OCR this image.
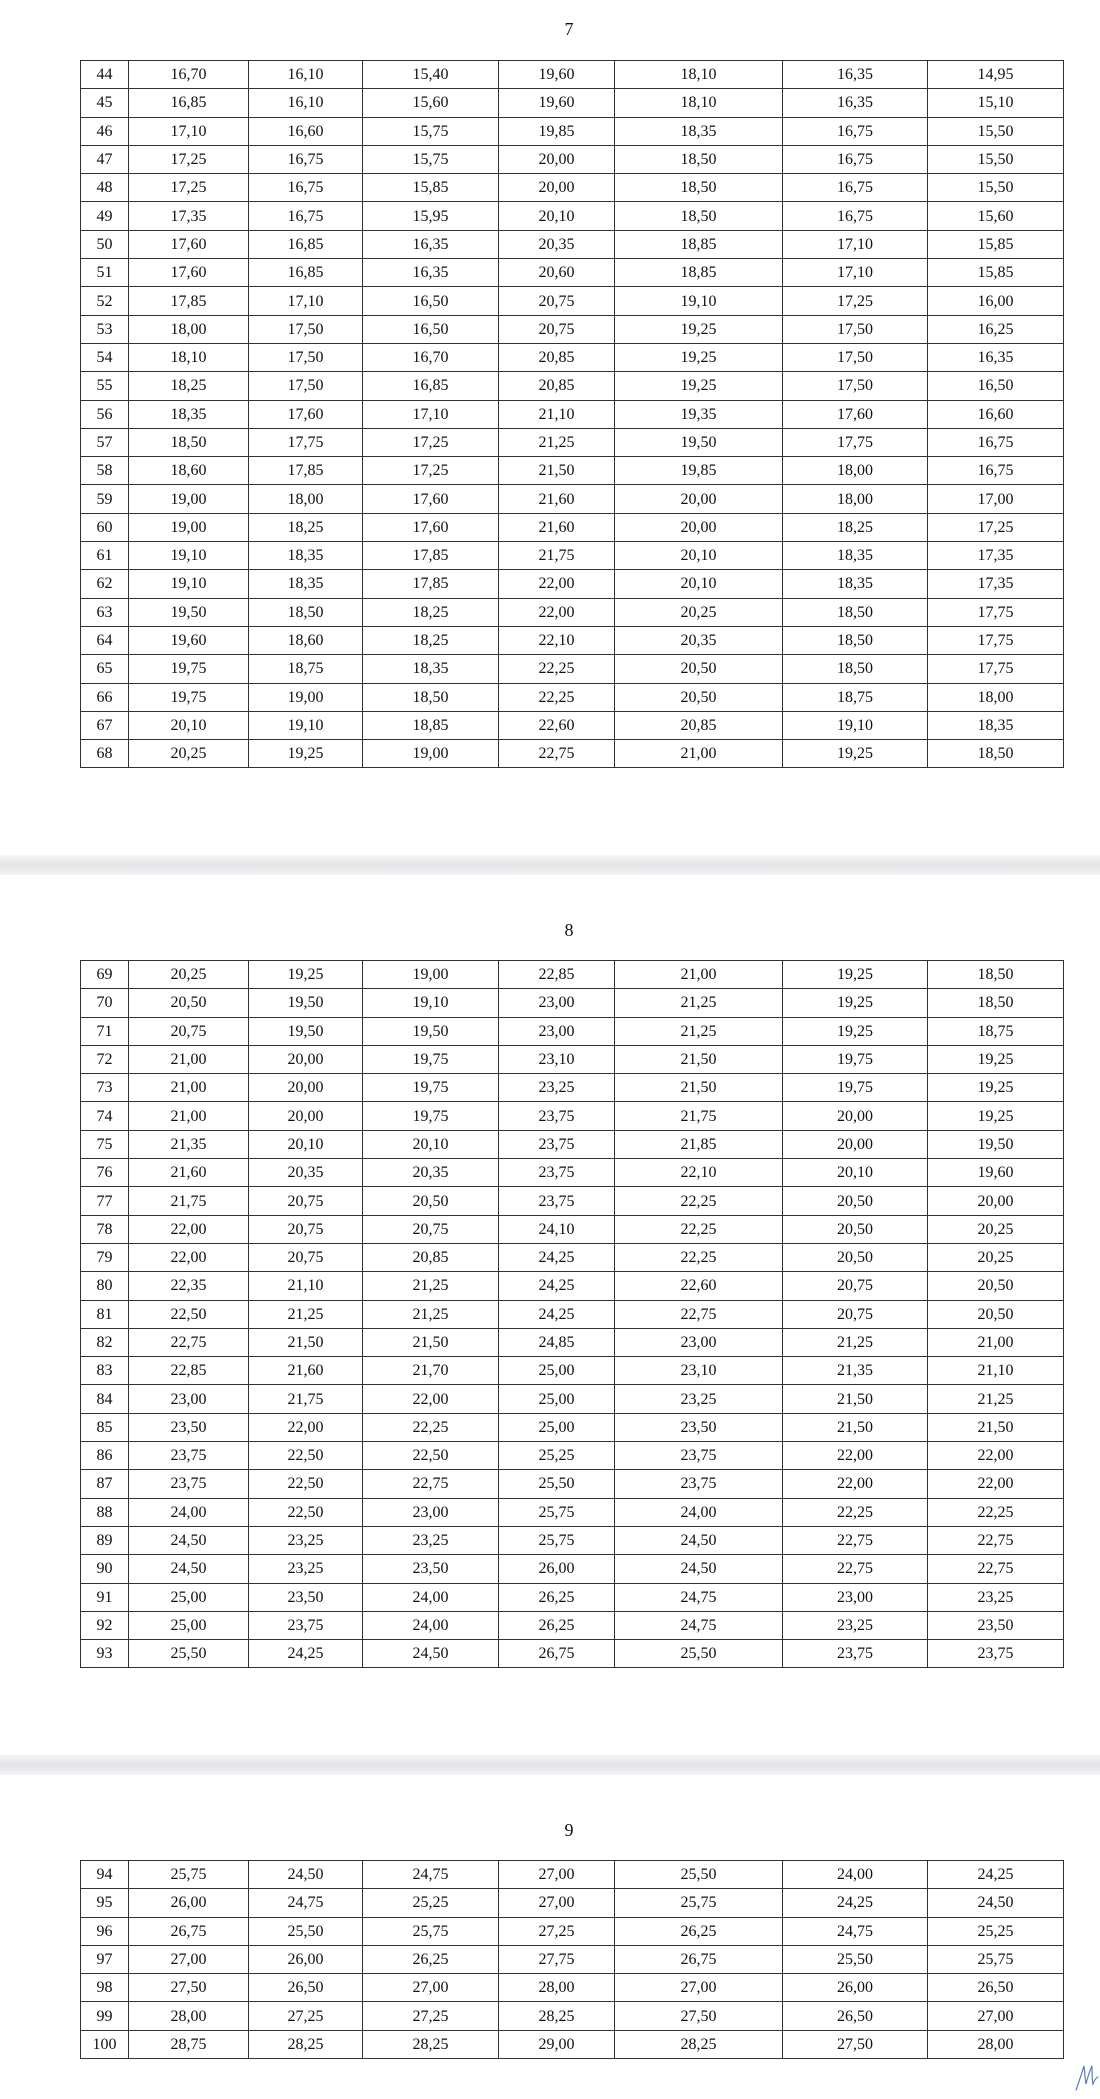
7
44	16,70	16,10	15,40	19,60	18,10	16,35	14,95
45	16,85	16,10	15,60	19,60	18,10	16,35	15,10
46	17,10	16,60	15,75	19,85	18,35	16,75	15,50
47	17,25	16,75	15,75	20,00	18,50	16,75	15,50
48	17,25	16,75	15,85	20,00	18,50	16,75	15,50
49	17,35	16,75	15,95	20,10	18,50	16,75	15,60
50	17,60	16,85	16,35	20,35	18,85	17,10	15,85
51	17,60	16,85	16,35	20,60	18,85	17,10	15,85
52	17,85	17,10	16,50	20,75	19,10	17,25	16,00
53	18,00	17,50	16,50	20,75	19,25	17,50	16,25
54	18,10	17,50	16,70	20,85	19,25	17,50	16,35
55	18,25	17,50	16,85	20,85	19,25	17,50	16,50
56	18,35	17,60	17,10	21,10	19,35	17,60	16,60
57	18,50	17,75	17,25	21,25	19,50	17,75	16,75
58	18,60	17,85	17,25	21,50	19,85	18,00	16,75
59	19,00	18,00	17,60	21,60	20,00	18,00	17,00
60	19,00	18,25	17,60	21,60	20,00	18,25	17,25
61	19,10	18,35	17,85	21,75	20,10	18,35	17,35
62	19,10	18,35	17,85	22,00	20,10	18,35	17,35
63	19,50	18,50	18,25	22,00	20,25	18,50	17,75
64	19,60	18,60	18,25	22,10	20,35	18,50	17,75
65	19,75	18,75	18,35	22,25	20,50	18,50	17,75
66	19,75	19,00	18,50	22,25	20,50	18,75	18,00
67	20,10	19,10	18,85	22,60	20,85	19,10	18,35
68	20,25	19,25	19,00	22,75	21,00	19,25	18,50
8
69	20,25	19,25	19,00	22,85	21,00	19,25	18,50
70	20,50	19,50	19,10	23,00	21,25	19,25	18,50
71	20,75	19,50	19,50	23,00	21,25	19,25	18,75
72	21,00	20,00	19,75	23,10	21,50	19,75	19,25
73	21,00	20,00	19,75	23,25	21,50	19,75	19,25
74	21,00	20,00	19,75	23,75	21,75	20,00	19,25
75	21,35	20,10	20,10	23,75	21,85	20,00	19,50
76	21,60	20,35	20,35	23,75	22,10	20,10	19,60
77	21,75	20,75	20,50	23,75	22,25	20,50	20,00
78	22,00	20,75	20,75	24,10	22,25	20,50	20,25
79	22,00	20,75	20,85	24,25	22,25	20,50	20,25
80	22,35	21,10	21,25	24,25	22,60	20,75	20,50
81	22,50	21,25	21,25	24,25	22,75	20,75	20,50
82	22,75	21,50	21,50	24,85	23,00	21,25	21,00
83	22,85	21,60	21,70	25,00	23,10	21,35	21,10
84	23,00	21,75	22,00	25,00	23,25	21,50	21,25
85	23,50	22,00	22,25	25,00	23,50	21,50	21,50
86	23,75	22,50	22,50	25,25	23,75	22,00	22,00
87	23,75	22,50	22,75	25,50	23,75	22,00	22,00
88	24,00	22,50	23,00	25,75	24,00	22,25	22,25
89	24,50	23,25	23,25	25,75	24,50	22,75	22,75
90	24,50	23,25	23,50	26,00	24,50	22,75	22,75
91	25,00	23,50	24,00	26,25	24,75	23,00	23,25
92	25,00	23,75	24,00	26,25	24,75	23,25	23,50
93	25,50	24,25	24,50	26,75	25,50	23,75	23,75
9
94	25,75	24,50	24,75	27,00	25,50	24,00	24,25
95	26,00	24,75	25,25	27,00	25,75	24,25	24,50
96	26,75	25,50	25,75	27,25	26,25	24,75	25,25
97	27,00	26,00	26,25	27,75	26,75	25,50	25,75
98	27,50	26,50	27,00	28,00	27,00	26,00	26,50
99	28,00	27,25	27,25	28,25	27,50	26,50	27,00
100	28,75	28,25	28,25	29,00	28,25	27,50	28,00
